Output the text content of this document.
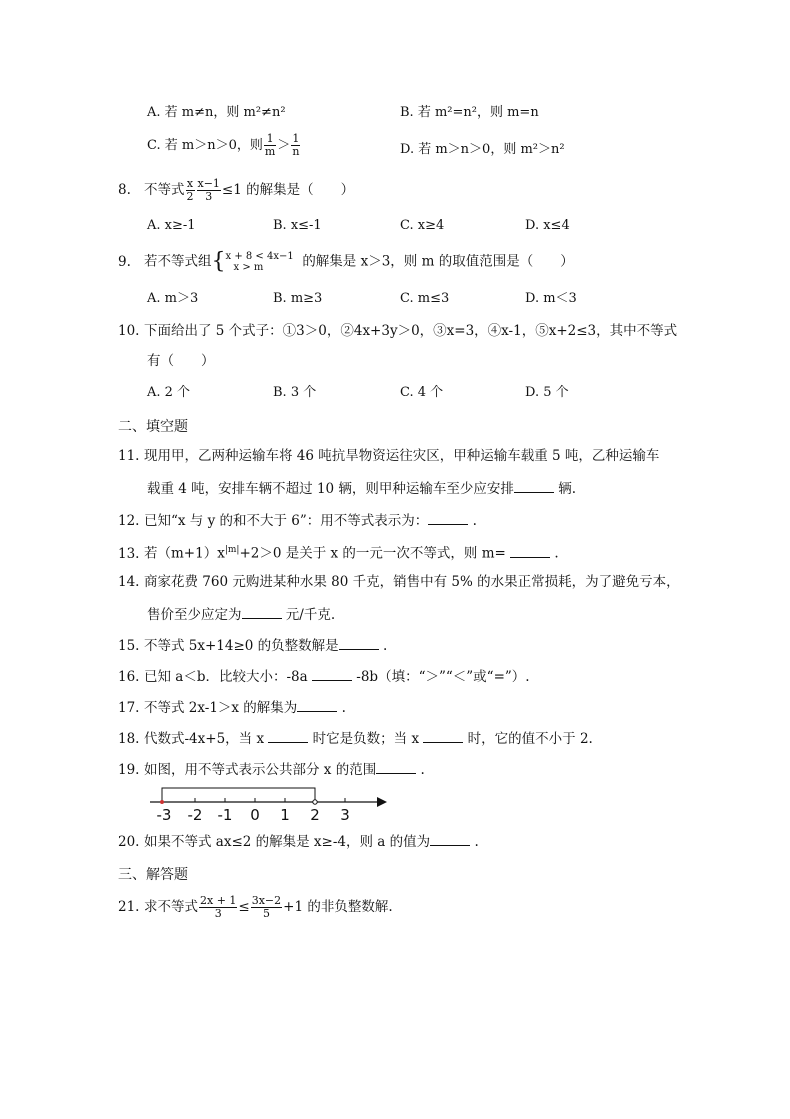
A. 若 m≠n，则 m²≠n²	B. 若 m²=n²，则 m=n
C. 若 m＞n＞0，则 $\frac{1}{m} > \frac{1}{n}$	D. 若 m＞n＞0，则 m²＞n²
8. 不等式 $\frac{x}{2} \frac{x-1}{3} \le 1$ 的解集是（　　）
A. x≥-1	B. x≤-1	C. x≥4	D. x≤4
9. 若不等式组{ x + 8 < 4x−1
x > m	的解集是 x＞3，则 m 的取值范围是（　　）
A. m＞3	B. m≥3	C. m≤3	D. m＜3
10. 下面给出了 5 个式子：①3＞0，②4x+3y＞0，③x=3，④x-1，⑤x+2≤3，其中不等式
有（　　）
A. 2 个	B. 3 个	C. 4 个	D. 5 个
二、填空题
11. 现用甲，乙两种运输车将 46 吨抗旱物资运往灾区，甲种运输车载重 5 吨，乙种运输车
载重 4 吨，安排车辆不超过 10 辆，则甲种运输车至少应安排	辆.
12. 已知“x 与 y 的和不大于 6”：用不等式表示为：	.
13. 若$(m+1)x^{|m|}+2>0$ 是关于 x 的一元一次不等式，则 m=	.
14. 商家花费 760 元购进某种水果 80 千克，销售中有 5% 的水果正常损耗，为了避免亏本，
售价至少应定为	元/千克.
15. 不等式 5x+14≥0 的负整数解是	.
16. 已知 a＜b．比较大小：-8a	-8b（填：“＞”“＜”或“=”）.
17. 不等式 2x-1＞x 的解集为	.
18. 代数式-4x+5，当 x	时它是负数；当 x	时，它的值不小于 2.
19. 如图，用不等式表示公共部分 x 的范围	.
-3 -2 -1 0 1 2 3
20. 如果不等式 ax≤2 的解集是 x≥-4，则 a 的值为	.
三、解答题
21. 求不等式 $\frac{2x + 1}{3} \le \frac{3x-2}{5} +1$ 的非负整数解.
